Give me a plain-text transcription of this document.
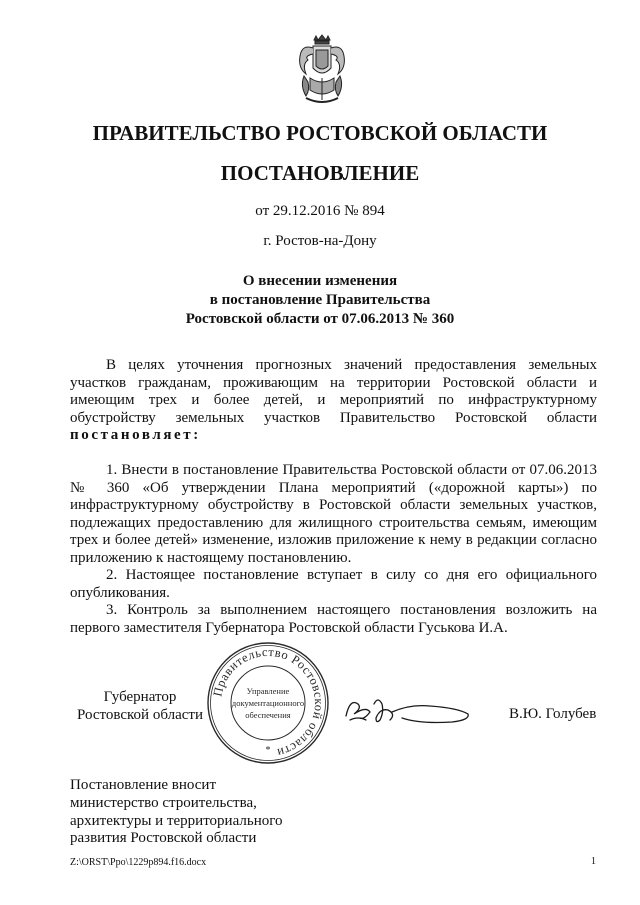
ПРАВИТЕЛЬСТВО РОСТОВСКОЙ ОБЛАСТИ
ПОСТАНОВЛЕНИЕ
от 29.12.2016 № 894
г. Ростов-на-Дону
О внесении изменения
в постановление Правительства
Ростовской области от 07.06.2013 № 360

В целях уточнения прогнозных значений предоставления земельных участков гражданам, проживающим на территории Ростовской области и имеющим трех и более детей, и мероприятий по инфраструктурному обустройству земельных участков Правительство Ростовской области постановляет:

1. Внести в постановление Правительства Ростовской области от 07.06.2013 № 360 «Об утверждении Плана мероприятий («дорожной карты») по инфраструктурному обустройству в Ростовской области земельных участков, подлежащих предоставлению для жилищного строительства семьям, имеющим трех и более детей» изменение, изложив приложение к нему в редакции согласно приложению к настоящему постановлению.

2. Настоящее постановление вступает в силу со дня его официального опубликования.

3. Контроль за выполнением настоящего постановления возложить на первого заместителя Губернатора Ростовской области Гуськова И.А.

Губернатор
Ростовской области
Правительство Ростовской области
Управление
документационного
обеспечения
*
В.Ю. Голубев
Постановление вносит
министерство строительства,
архитектуры и территориального
развития Ростовской области
Z:\ORST\Ppo\1229p894.f16.docx	1
